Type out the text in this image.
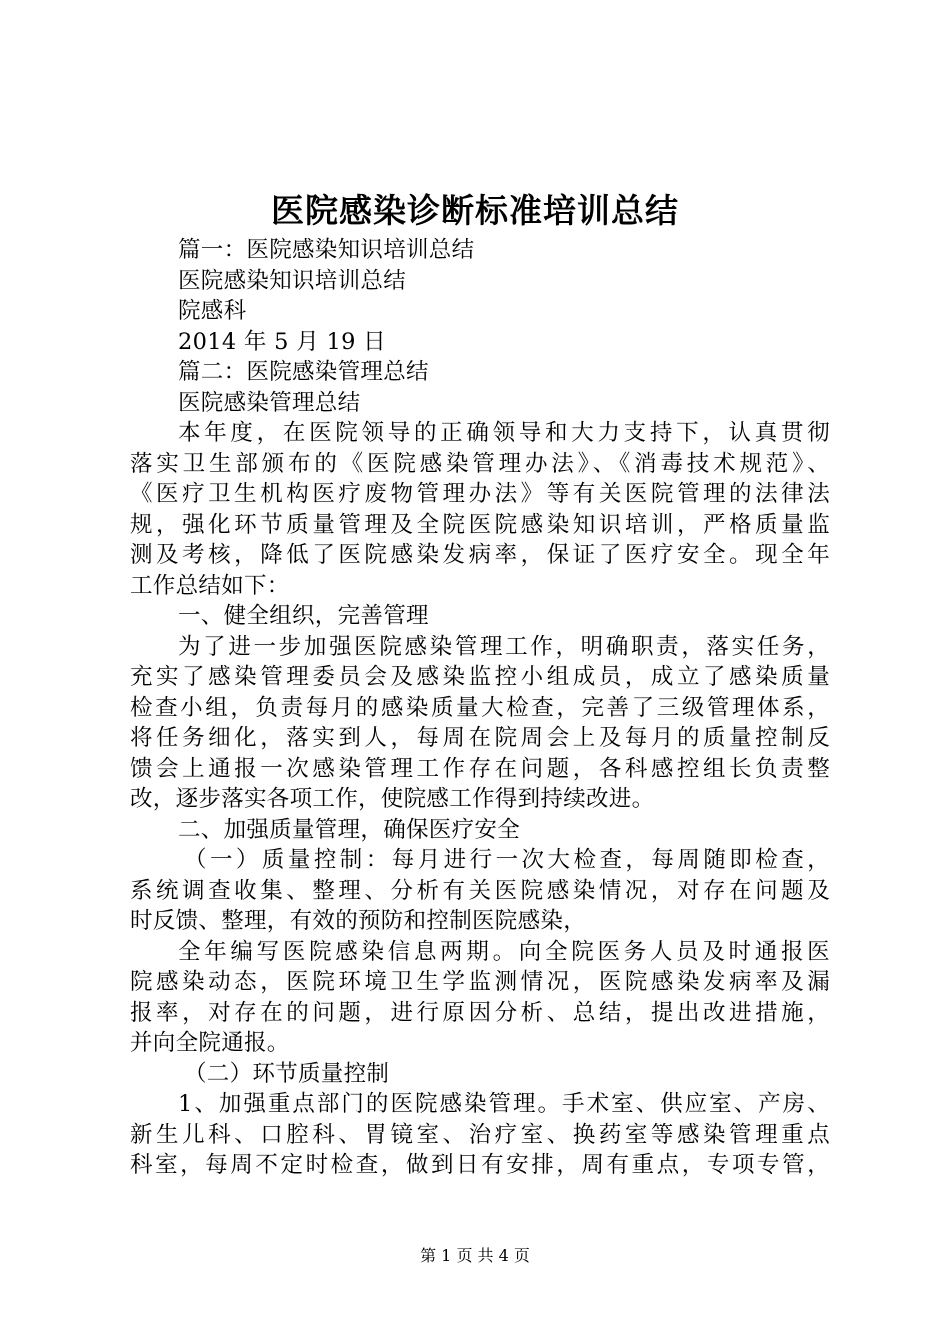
医院感染诊断标准培训总结

篇一：医院感染知识培训总结

医院感染知识培训总结

院感科

2014 年 5 月 19 日

篇二：医院感染管理总结

医院感染管理总结

本年度，在医院领导的正确领导和大力支持下，认真贯彻

落实卫生部颁布的《医院感染管理办法》、《消毒技术规范》、

《医疗卫生机构医疗废物管理办法》等有关医院管理的法律法

规，强化环节质量管理及全院医院感染知识培训，严格质量监

测及考核，降低了医院感染发病率，保证了医疗安全。现全年

工作总结如下：

一、健全组织，完善管理

为了进一步加强医院感染管理工作，明确职责，落实任务，

充实了感染管理委员会及感染监控小组成员，成立了感染质量

检查小组，负责每月的感染质量大检查，完善了三级管理体系，

将任务细化，落实到人，每周在院周会上及每月的质量控制反

馈会上通报一次感染管理工作存在问题，各科感控组长负责整

改，逐步落实各项工作，使院感工作得到持续改进。

二、加强质量管理，确保医疗安全

（一）质量控制：每月进行一次大检查，每周随即检查，

系统调查收集、整理、分析有关医院感染情况，对存在问题及

时反馈、整理，有效的预防和控制医院感染，

全年编写医院感染信息两期。向全院医务人员及时通报医

院感染动态，医院环境卫生学监测情况，医院感染发病率及漏

报率，对存在的问题，进行原因分析、总结，提出改进措施，

并向全院通报。

（二）环节质量控制

1、加强重点部门的医院感染管理。手术室、供应室、产房、

新生儿科、口腔科、胃镜室、治疗室、换药室等感染管理重点

科室，每周不定时检查，做到日有安排，周有重点，专项专管，

第 1 页 共 4 页
